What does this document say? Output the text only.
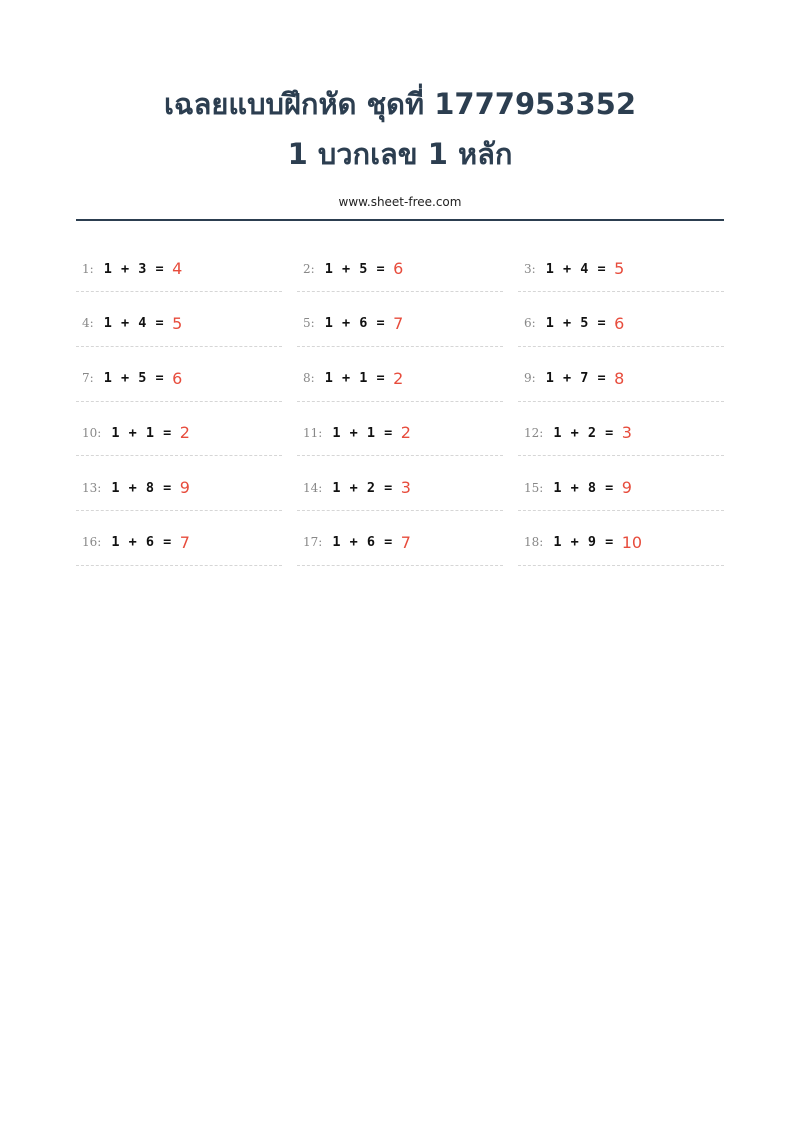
เฉลยแบบฝึกหัด ชุดที่ 1777953352
1 บวกเลข 1 หลัก
www.sheet-free.com
1: 1 + 3 = 4	2: 1 + 5 = 6	3: 1 + 4 = 5
4: 1 + 4 = 5	5: 1 + 6 = 7	6: 1 + 5 = 6
7: 1 + 5 = 6	8: 1 + 1 = 2	9: 1 + 7 = 8
10: 1 + 1 = 2	11: 1 + 1 = 2	12: 1 + 2 = 3
13: 1 + 8 = 9	14: 1 + 2 = 3	15: 1 + 8 = 9
16: 1 + 6 = 7	17: 1 + 6 = 7	18: 1 + 9 = 10
